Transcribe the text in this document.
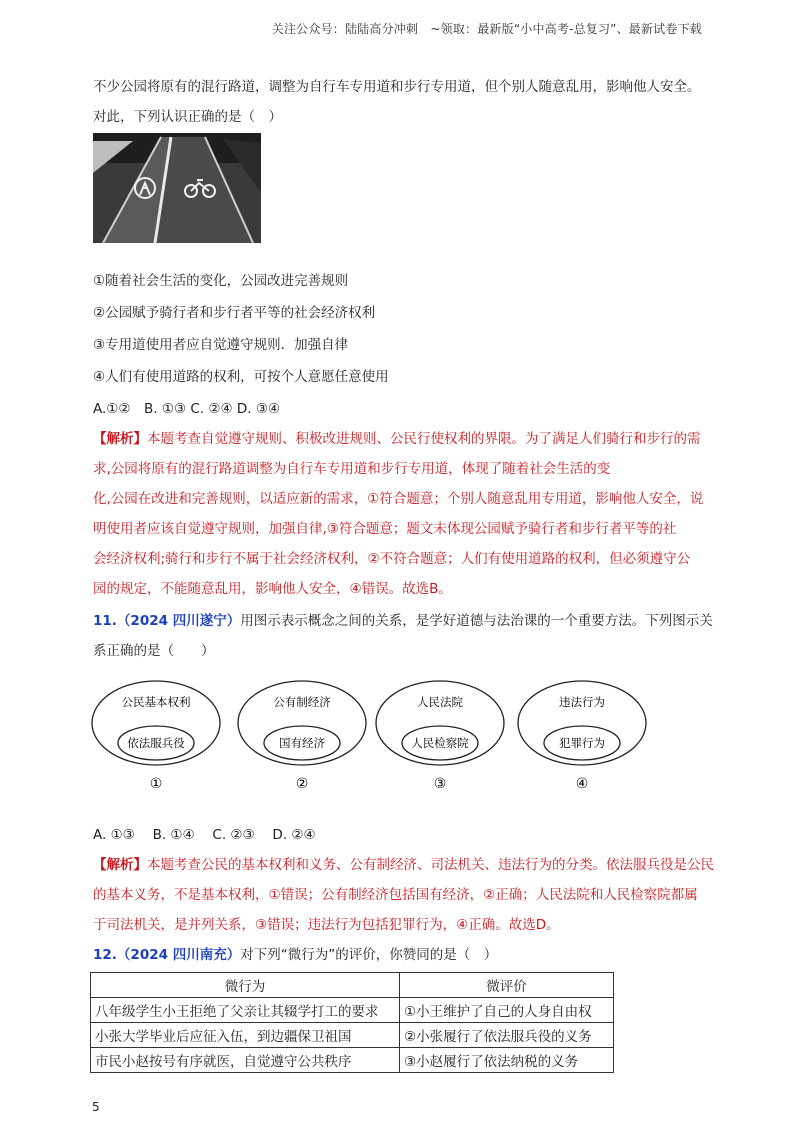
关注公众号：陆陆高分冲刺　~领取：最新版“小中高考-总复习”、最新试卷下载
不少公园将原有的混行路道，调整为自行车专用道和步行专用道，但个别人随意乱用，影响他人安全。
对此，下列认识正确的是（　）
①随着社会生活的变化，公园改进完善规则
②公园赋予骑行者和步行者平等的社会经济权利
③专用道使用者应自觉遵守规则．加强自律
④人们有使用道路的权利，可按个人意愿任意使用
A.①②　B. ①③ C. ②④ D. ③④
【解析】本题考查自觉遵守规则、积极改进规则、公民行使权利的界限。为了满足人们骑行和步行的需
求,公园将原有的混行路道调整为自行车专用道和步行专用道，体现了随着社会生活的变
化,公园在改进和完善规则，以适应新的需求，①符合题意；个别人随意乱用专用道，影响他人安全，说
明使用者应该自觉遵守规则，加强自律,③符合题意；题文未体现公园赋予骑行者和步行者平等的社
会经济权利;骑行和步行不属于社会经济权利，②不符合题意；人们有使用道路的权利，但必须遵守公
园的规定，不能随意乱用，影响他人安全，④错误。故选B。
11.（2024 四川遂宁）用图示表示概念之间的关系，是学好道德与法治课的一个重要方法。下列图示关
系正确的是（　　）
公民基本权利
依法服兵役
①
公有制经济
国有经济
②
人民法院
人民检察院
③
违法行为
犯罪行为
④
A. ①③　 B. ①④　 C. ②③　 D. ②④
【解析】本题考查公民的基本权利和义务、公有制经济、司法机关、违法行为的分类。依法服兵役是公民
的基本义务，不是基本权利，①错误；公有制经济包括国有经济，②正确；人民法院和人民检察院都属
于司法机关，是并列关系，③错误；违法行为包括犯罪行为，④正确。故选D。
12.（2024 四川南充）对下列“微行为”的评价，你赞同的是（　）
微行为	微评价
八年级学生小王拒绝了父亲让其辍学打工的要求	①小王维护了自己的人身自由权
小张大学毕业后应征入伍，到边疆保卫祖国	②小张履行了依法服兵役的义务
市民小赵按号有序就医，自觉遵守公共秩序	③小赵履行了依法纳税的义务
5
